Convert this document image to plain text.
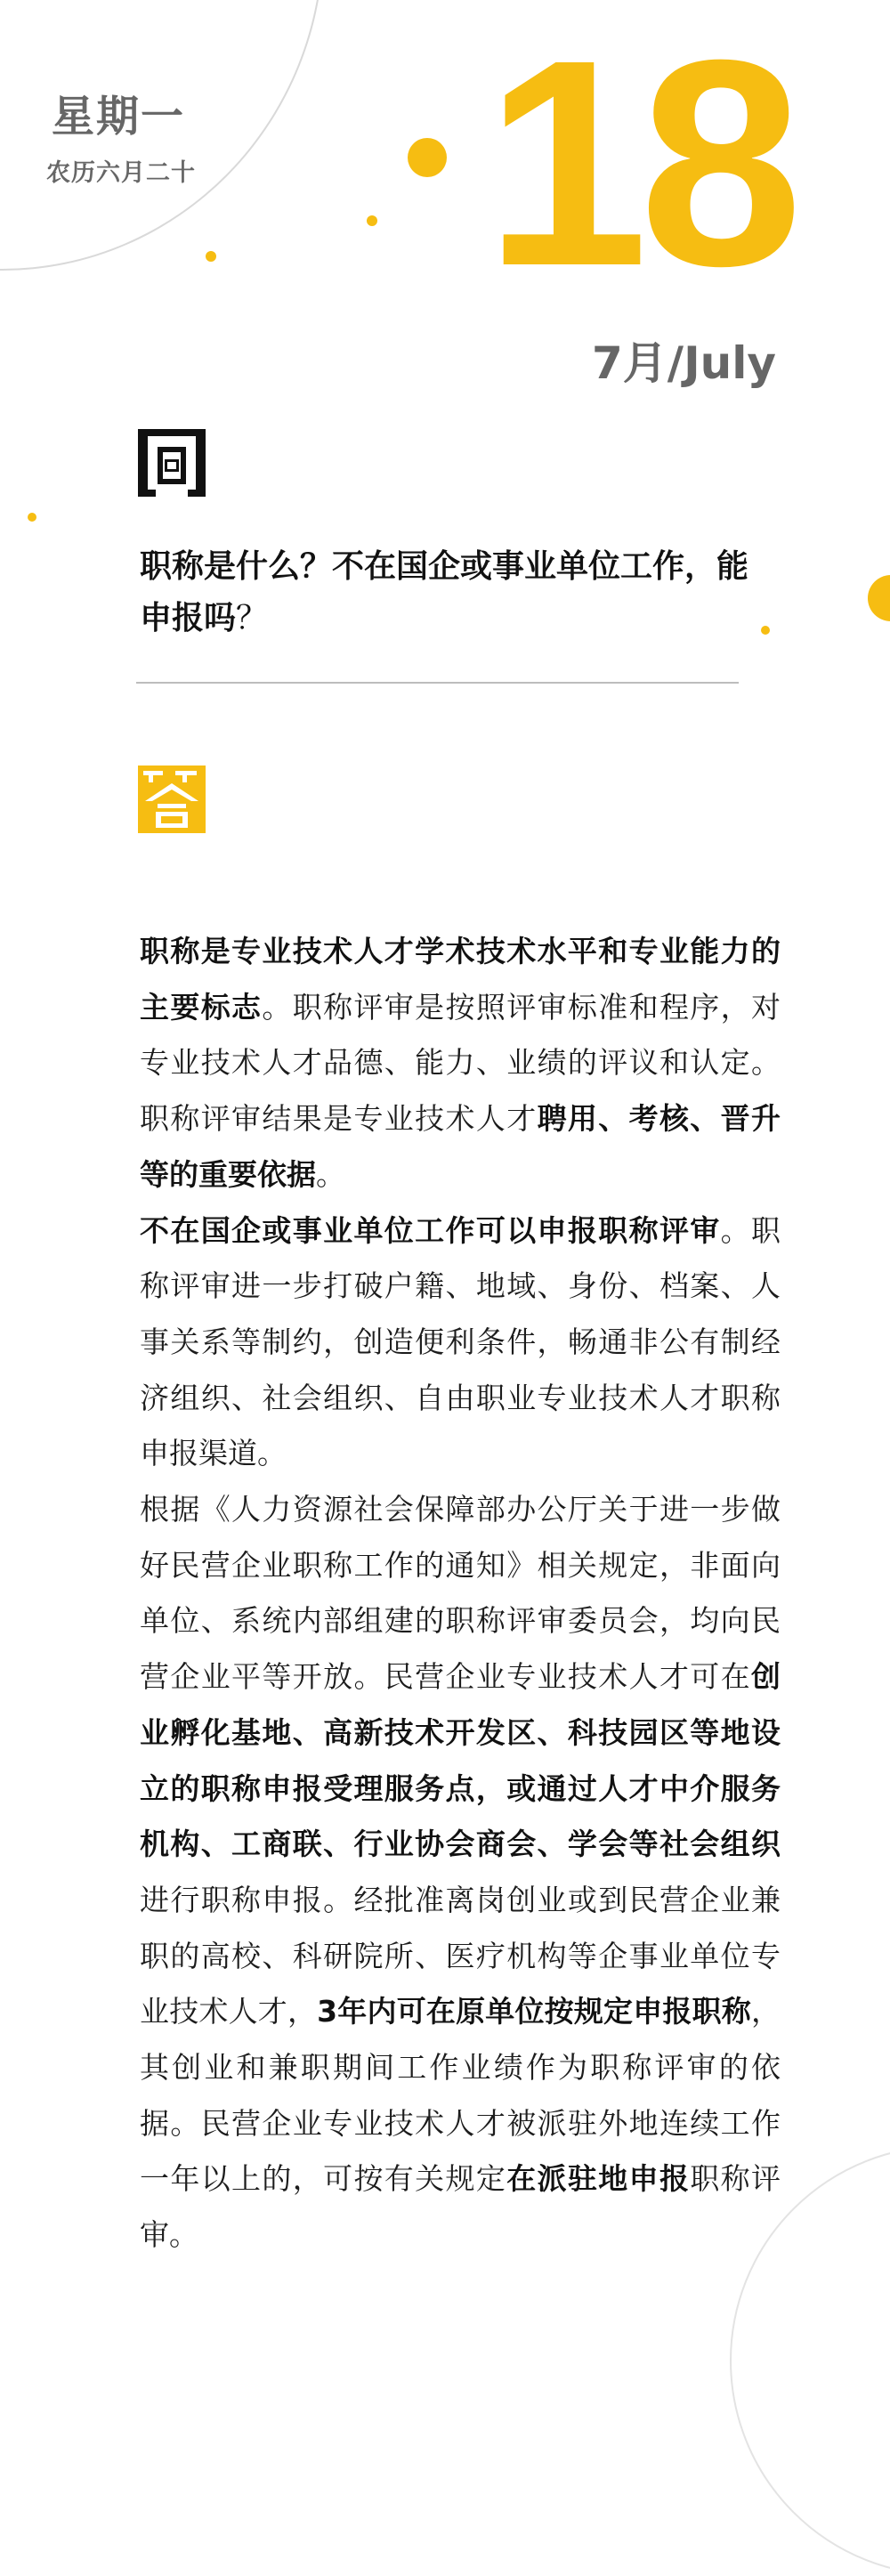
星期一
农历六月二十 18
7月/July
职称是什么？不在国企或事业单位工作，能申报吗？

职称是专业技术人才学术技术水平和专业能力的主要标志。职称评审是按照评审标准和程序，对专业技术人才品德、能力、业绩的评议和认定。职称评审结果是专业技术人才聘用、考核、晋升等的重要依据。

不在国企或事业单位工作可以申报职称评审。职称评审进一步打破户籍、地域、身份、档案、人事关系等制约，创造便利条件，畅通非公有制经济组织、社会组织、自由职业专业技术人才职称申报渠道。

根据《人力资源社会保障部办公厅关于进一步做好民营企业职称工作的通知》相关规定，非面向单位、系统内部组建的职称评审委员会，均向民营企业平等开放。民营企业专业技术人才可在创业孵化基地、高新技术开发区、科技园区等地设立的职称申报受理服务点，或通过人才中介服务机构、工商联、行业协会商会、学会等社会组织进行职称申报。经批准离岗创业或到民营企业兼职的高校、科研院所、医疗机构等企事业单位专业技术人才，3年内可在原单位按规定申报职称，其创业和兼职期间工作业绩作为职称评审的依据。民营企业专业技术人才被派驻外地连续工作一年以上的，可按有关规定在派驻地申报职称评审。
